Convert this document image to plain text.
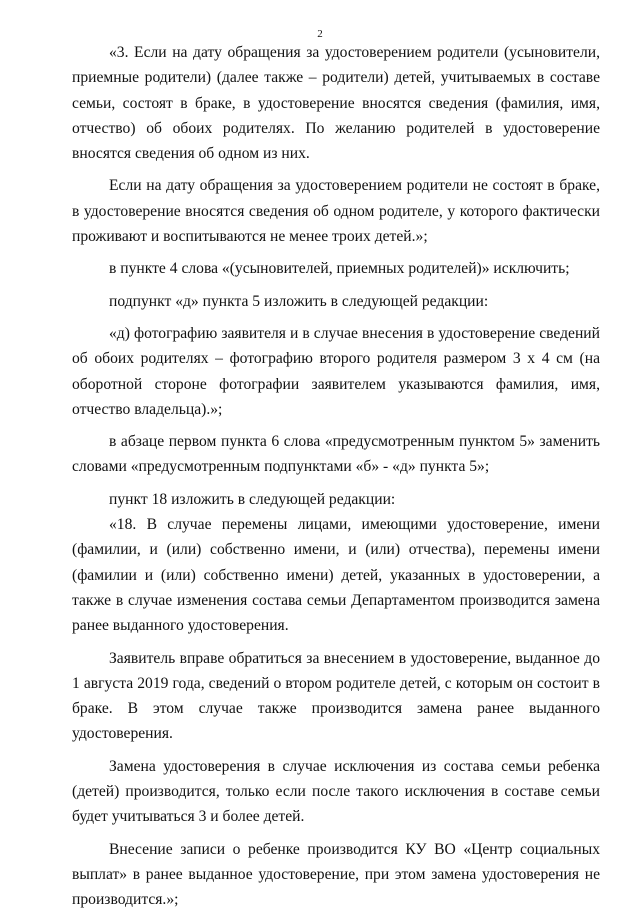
2

«3. Если на дату обращения за удостоверением родители (усыновители, приемные родители) (далее также – родители) детей, учитываемых в составе семьи, состоят в браке, в удостоверение вносятся сведения (фамилия, имя, отчество) об обоих родителях. По желанию родителей в удостоверение вносятся сведения об одном из них.

Если на дату обращения за удостоверением родители не состоят в браке, в удостоверение вносятся сведения об одном родителе, у которого фактически проживают и воспитываются не менее троих детей.»;

в пункте 4 слова «(усыновителей, приемных родителей)» исключить;

подпункт «д» пункта 5 изложить в следующей редакции:

«д) фотографию заявителя и в случае внесения в удостоверение сведений об обоих родителях – фотографию второго родителя размером 3 х 4 см (на оборотной стороне фотографии заявителем указываются фамилия, имя, отчество владельца).»;

в абзаце первом пункта 6 слова «предусмотренным пунктом 5» заменить словами «предусмотренным подпунктами «б» - «д» пункта 5»;

пункт 18 изложить в следующей редакции:

«18. В случае перемены лицами, имеющими удостоверение, имени (фамилии, и (или) собственно имени, и (или) отчества), перемены имени (фамилии и (или) собственно имени) детей, указанных в удостоверении, а также в случае изменения состава семьи Департаментом производится замена ранее выданного удостоверения.

Заявитель вправе обратиться за внесением в удостоверение, выданное до 1 августа 2019 года, сведений о втором родителе детей, с которым он состоит в браке. В этом случае также производится замена ранее выданного удостоверения.

Замена удостоверения в случае исключения из состава семьи ребенка (детей) производится, только если после такого исключения в составе семьи будет учитываться 3 и более детей.

Внесение записи о ребенке производится КУ ВО «Центр социальных выплат» в ранее выданное удостоверение, при этом замена удостоверения не производится.»;
